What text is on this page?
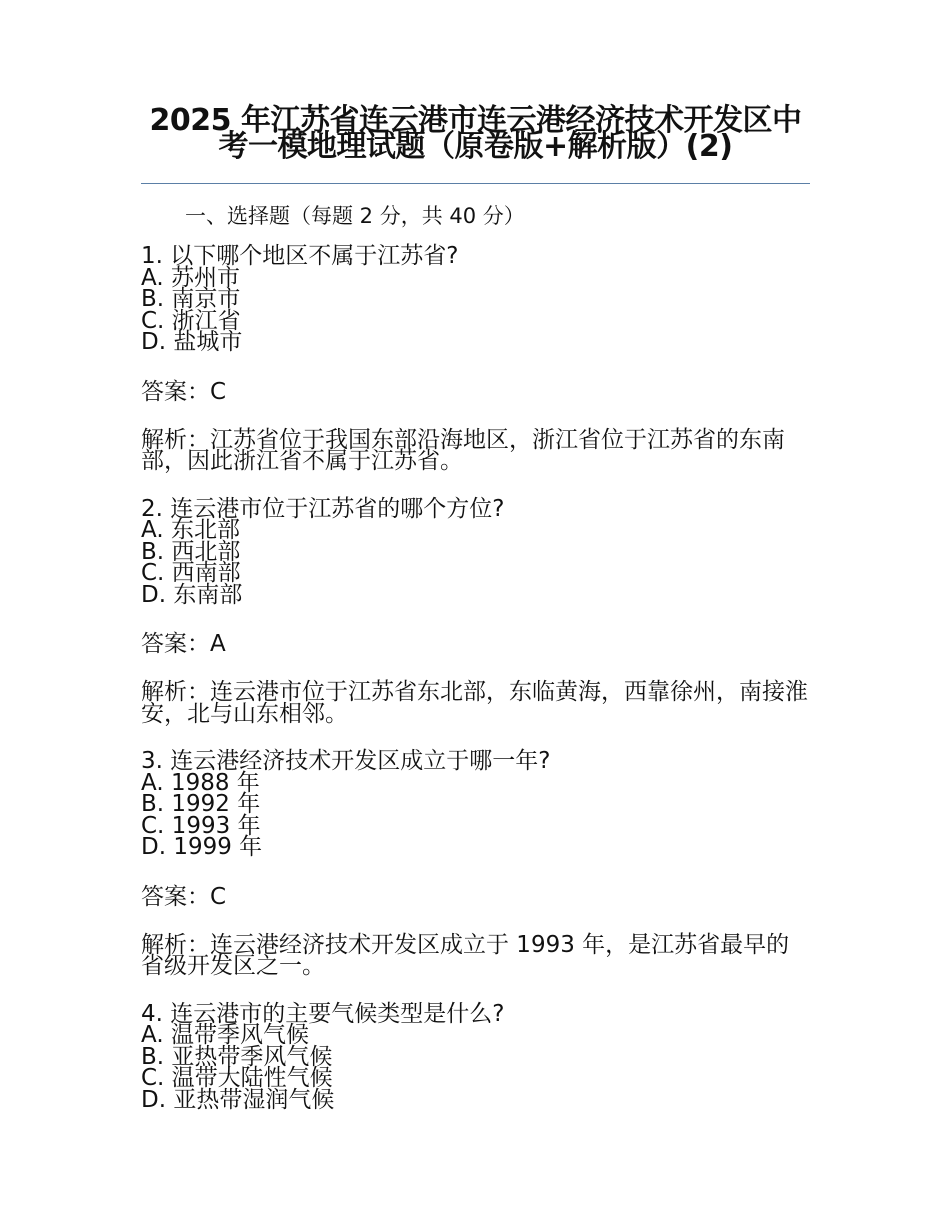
2025 年江苏省连云港市连云港经济技术开发区中考一模地理试题（原卷版+解析版）(2)
一、选择题（每题 2 分，共 40 分）
1. 以下哪个地区不属于江苏省?
A. 苏州市
B. 南京市
C. 浙江省
D. 盐城市
答案：C
解析：江苏省位于我国东部沿海地区，浙江省位于江苏省的东南部，因此浙江省不属于江苏省。
2. 连云港市位于江苏省的哪个方位?
A. 东北部
B. 西北部
C. 西南部
D. 东南部
答案：A
解析：连云港市位于江苏省东北部，东临黄海，西靠徐州，南接淮安，北与山东相邻。
3. 连云港经济技术开发区成立于哪一年?
A. 1988 年
B. 1992 年
C. 1993 年
D. 1999 年
答案：C
解析：连云港经济技术开发区成立于 1993 年，是江苏省最早的省级开发区之一。
4. 连云港市的主要气候类型是什么?
A. 温带季风气候
B. 亚热带季风气候
C. 温带大陆性气候
D. 亚热带湿润气候
